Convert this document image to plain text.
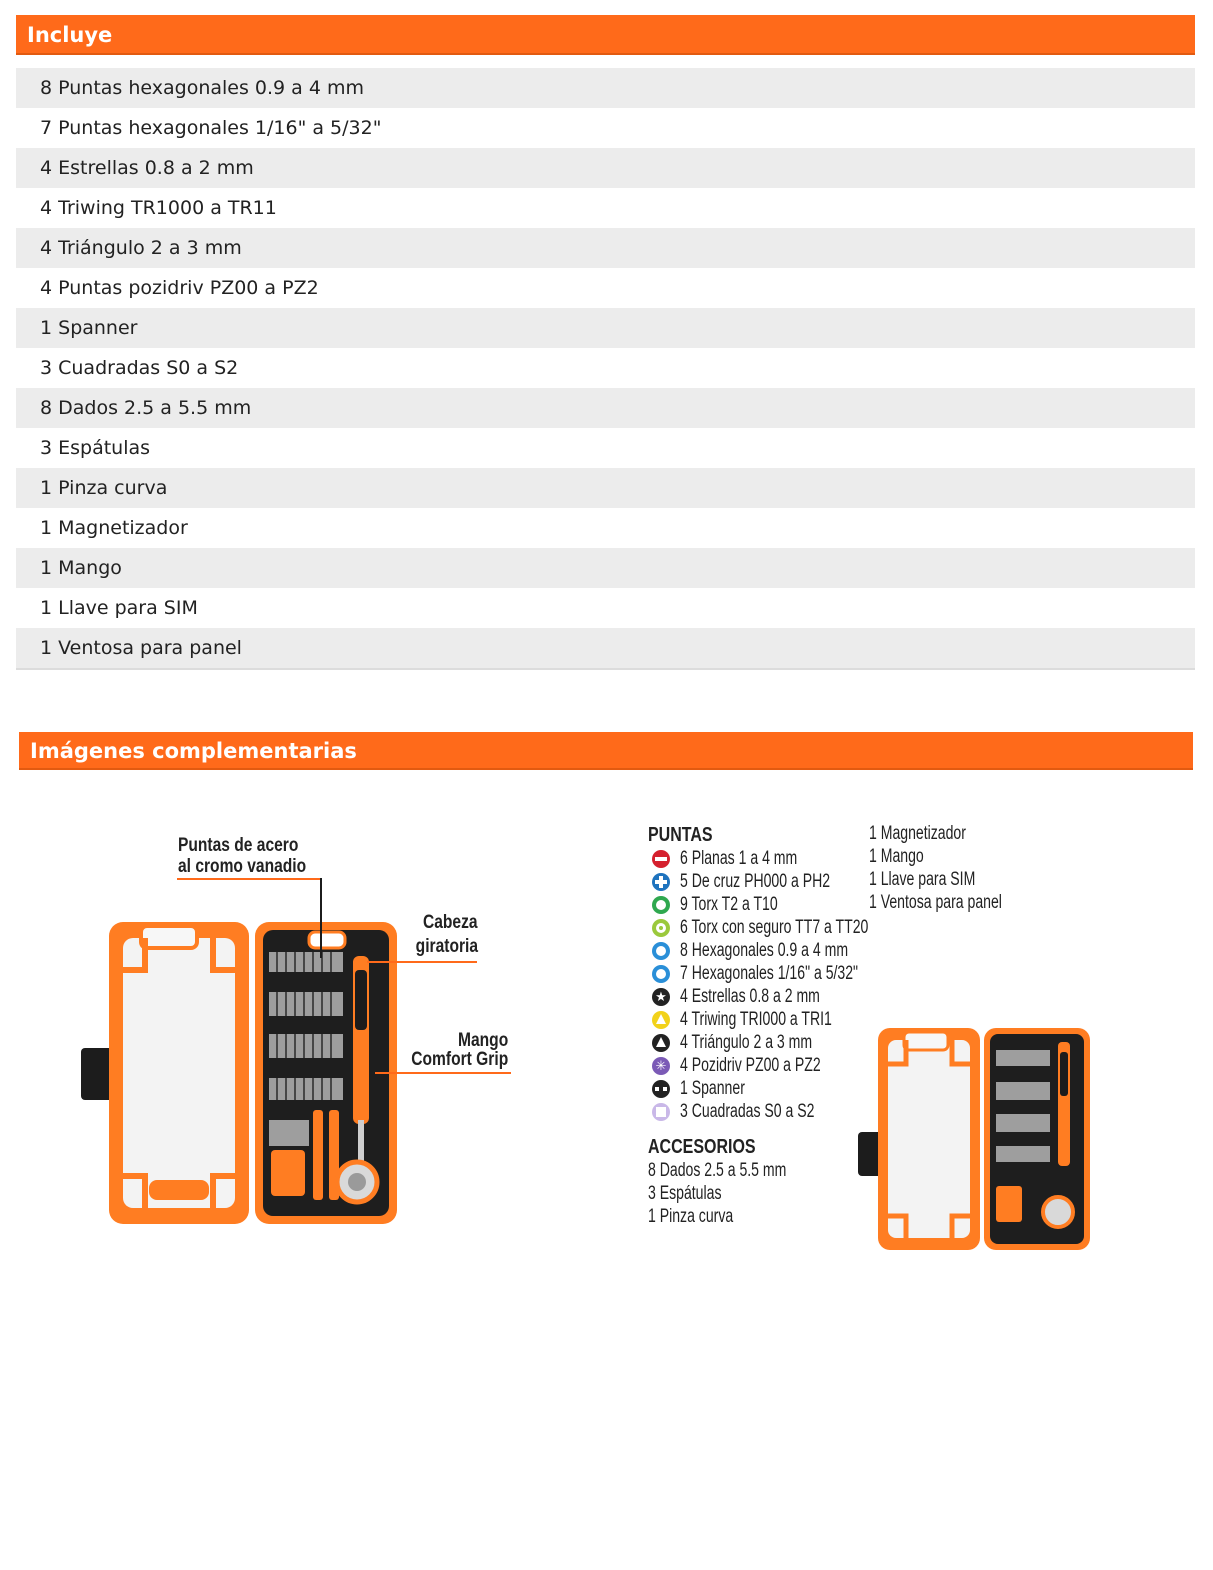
Incluye
8 Puntas hexagonales 0.9 a 4 mm
7 Puntas hexagonales 1/16" a 5/32"
4 Estrellas 0.8 a 2 mm
4 Triwing TR1000 a TR11
4 Triángulo 2 a 3 mm
4 Puntas pozidriv PZ00 a PZ2
1 Spanner
3 Cuadradas S0 a S2
8 Dados 2.5 a 5.5 mm
3 Espátulas
1 Pinza curva
1 Magnetizador
1 Mango
1 Llave para SIM
1 Ventosa para panel
Imágenes complementarias
Puntas de acero
al cromo vanadio
Cabeza
giratoria
Mango
Comfort Grip
PUNTAS
6 Planas 1 a 4 mm
5 De cruz PH000 a PH2
9 Torx T2 a T10
6 Torx con seguro TT7 a TT20
8 Hexagonales 0.9 a 4 mm
7 Hexagonales 1/16" a 5/32"
★ 4 Estrellas 0.8 a 2 mm
4 Triwing TRI000 a TRI1
4 Triángulo 2 a 3 mm
✳ 4 Pozidriv PZ00 a PZ2
1 Spanner
3 Cuadradas S0 a S2
ACCESORIOS
8 Dados 2.5 a 5.5 mm
3 Espátulas
1 Pinza curva
1 Magnetizador
1 Mango
1 Llave para SIM
1 Ventosa para panel
